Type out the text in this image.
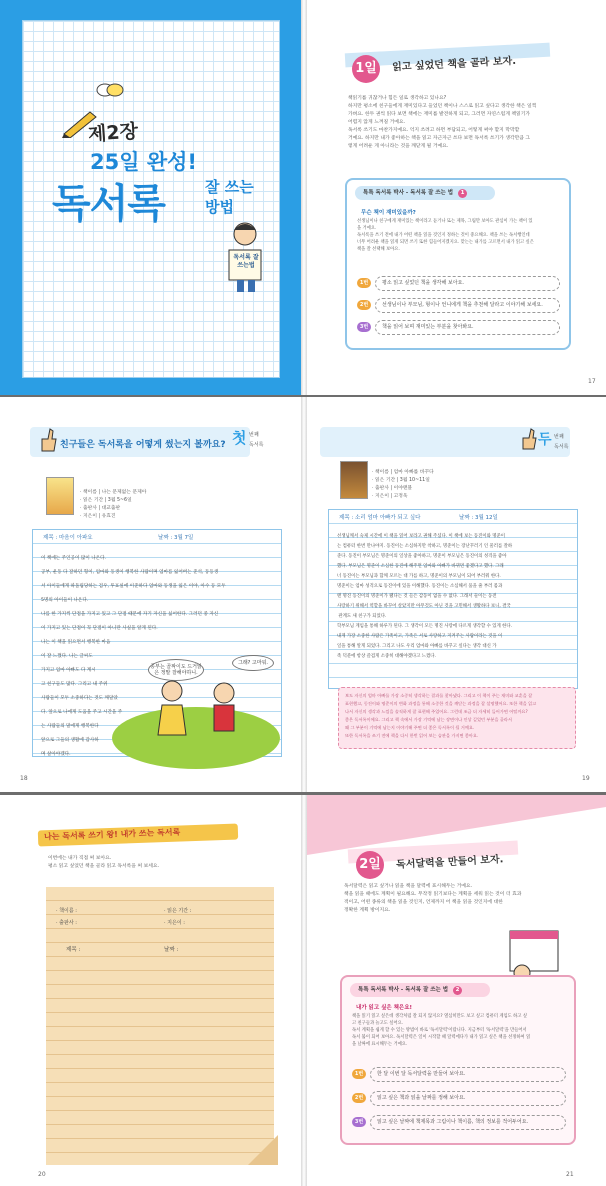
제2장
25일 완성!
독서록	잘 쓰는
방법
독서록 잘쓰는법
1일	읽고 싶었던 책을 골라 보자.
책읽기를 귀찮거나 힘든 일로 생각하고 있나요?
하지만 평소에 친구들에게 재미있다고 들었던 책이나 스스로 읽고 싶다고 생각한 책은 일찍
가벼요. 한두 권씩 읽다 보면 책에는 재미를 발견하게 되고, 그러면 자연스럽게 책읽기가
어렵지 않게 느껴질 거예요.
독서록 쓰기도 마찬가지예요. 억지 쓰려고 하면 부담되고, 어떻게 써야 할지 막막할
거예요. 하지만 내가 좋아하는 책을 읽고 자근자근 쓰다 보면 독서록 쓰기가 생각만큼 그
렇게 어려운 게 아니라는 것을 깨닫게 될 거예요.
톡톡 독서록 박사 - 독서록 잘 쓰는 법 1
무슨 책이 재미있을까?
선생님이나 친구에게 재미있는 책이라고 듣거나 또는 제목, 그림만 보아도 관심이 가는 책이 있
을 거예요.
독서록을 쓰기 전에 내가 어떤 책을 읽을 것인지 정하는 것이 중요해요. 책을 쓰는 독서행인데
너무 어려운 책을 읽게 되면 쓰기 또한 힘들어지겠지요. 맞는는 내가를 고르면서 내가 읽고 싶은
책을 잘 선택해 보아요.
1번	평소 읽고 싶었던 책을 생각해 보아요.
2번	선생님이나 부모님, 형이나 언니에게 책을 추천해 달라고 이야기해 보세요.
3번	책을 읽어 보며 재미있는 부분을 찾아봐요.
17
친구들은 독서록을 어떻게 썼는지 볼까요? 첫 번째
독서록
· 책이름 | 나는 문제없는 문제아
· 읽은 기간 | 3월 5~6일
· 출판사 | 대교출판
· 지은이 | 유효진
제목 : 마음이 아파요	날짜 : 3월 7일
이 책에는 주인공이 많이 나온다.
공부, 운동 다 잘하던 형이, 엄마와 동생이 행복한 사람이며 엄마를 잃어버는 준석, 동등생
서 아이들에게 따돌림당하는 검우, 투표실에 이준하다 엄마와 동생을 잃은 이야, 아수 등 모두
5명의 아이들이 나온다.
나를 한 가지씩 단점을 가지고 있고 그 단점 때문에 자기 자신을 싫어한다. 그러던 중 자신
이 가지고 있는 단점이 꼭 단점이 아니란 사실을 알게 된다.
나는 이 책을 읽으면서 행복한 마음
이 잘 느꼈다. 나는 글씨도
가지고 엄마 아빠도 다 계시
고 친구들도 많다. 그리고 내 주위
사람들이 모두 소중하다는 것도 깨달았
다. 앞으로 나에게 도움을 주고 시간을 주
는 사람들의 말에게 행복한다
앞으로 그들의 생활에 감사하
며 살아야겠다.
공부는 골짜이도 드거읽은 정말 잘해야하니.
그래? 고마워.
18
두 번째
독서록
· 책이름 | 엄마 아빠를 바꾸다
· 읽은 기간 | 3월 10~11일
· 출판사 | 이야맨블
· 지은이 | 고정욱
제목 : 소리 엄마 아빠가 되고 싶다	날짜 : 3월 12일
선생님께서 숙제 시간에 이 책을 읽어 보라고 권해 주셨다. 이 책에 보는 동진이와 명준이
는 컴퓨터 한번 만나야지. 동진이는 소심하지만 착하고, 명준이는 장난꾸러기 인 물러를 잘하
준다. 동진이 부모님은 명준이의 일상을 좋아하고, 명준이 부모님은 동진이의 성격을 좋아
했다. 부모님은 명준이 소심한 동진에 해주면 엄마와 아빠가 바뀌면 좋겠다고 했다. 그래
너 동진이는 부모님과 함께 모르는 대 가를 하고, 명준이의 부모님이 되어 부러워 한다.
명준이는 엄마 성격으로 동진이에 있을 이해했다. 동진이는 소심해서 품을 줄 부러 몸과
맨 명진 동진이의 명준이가 됐다는 것 들은 감동이 없을 수 없다. 그래서 둘이는 동전
사랑하기 위해서 역할을 바꾸어 살았지만 아무것도 아닌 것을 고민해서 생활하다 보니, 결국
관계도 새 친구가 되었다.
학부모님 게임을 통해 하루가 된다. 그 생각이 모든 명진 사랑에 다르게 생각할 수 있게 한다.
내게 가장 소중한 사람은 가족이고, 가족은 서로 사랑하고 지켜주는 사람이라는 것을 이
일을 통해 알게 되었다. 그리고 나도 우리 엄마와 아빠를 바꾸고 싶다는 생각 대신 가
족 덕분에 항상 즐겁게 소중히 대해야겠다고 느꼈다.
보도 자신의 엄마 아빠를 가장 소중히 생각하는 결과를 찾아냈다. 그리고 이 책이 주는 재미와 교훈을 잘
표현했고, 동진이와 명준이의 변화 과정을 통해 소중한 것을 깨닫는 과정을 잘 설명했어요. 또한 책을 읽고
나서 자신의 생각과 느낌을 솔직하게 잘 표현해 주었어요. 그런데 조금 더 자세히 들어가면 어떨까요?
좋은 독서록이에요. 그리고 책 속에서 가장 기억에 남는 장면이나 인상 깊었던 부분을 골라서
왜 그 부분이 기억에 남는지 이야기해 주면 더 좋은 독서록이 될 거예요.
또한 독서록을 쓰기 전에 책을 다시 한번 읽어 보는 습관을 가지면 좋아요.
19
나는 독서록 쓰기 왕! 내가 쓰는 독서록
이번에는 내가 직접 써 보아요.
평소 읽고 싶었던 책을 골라 읽고 독서록을 써 보세요.
· 책이름 :	· 읽은 기간 :
· 출판사 :	· 지은이 :
제목 :	날짜 :
20
2일	독서달력을 만들어 보자.
독서달력은 읽고 싶거나 읽을 책을 달력에 표시해두는 거예요.
책을 읽을 때에도 계획이 필요해요. 무작정 읽기보다는 계획을 세워 읽는 것이 더 효과
적이고, 어떤 종류의 책을 읽을 것인지, 언제까지 어 책을 읽을 것인지에 대한
정확한 계획 방이지요.
톡톡 독서록 박사 - 독서록 잘 쓰는 법 2
내가 읽고 싶은 책은요!
책을 읽기 읽고 싶은데 생각처럼 잘 되지 않지요? 열심히만도 보고 싶고 컴퓨터 게임도 하고 싶
고 친구들과 놀고도 싶어요.
독서 계획을 쉽게 할 수 있는 방법이 바로 '독서달력'이랍니다. 지금부터 '독서달력'을 만들어서
독서 붐이 되어 보아요. 독서달력은 일이 시작할 때 달력에다가 내가 읽고 싶은 책을 선정하여 읽
을 날짜에 표시해두는 거예요.
1번	한 달 이번 달 독서달력을 만들어 보아요.
2번	읽고 싶은 책과 읽을 날짜를 정해 보아요.
3번	읽고 싶은 날짜에 책제목과 그림이나 책이름, 책의 정보를 적어두어요.
21
